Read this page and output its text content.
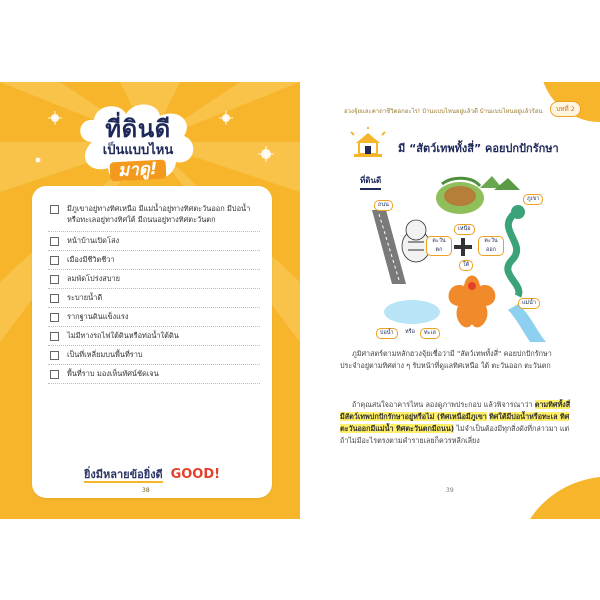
ที่ดินดี
เป็นแบบไหน
มาดู!
มีภูเขาอยู่ทางทิศเหนือ มีแม่น้ำอยู่ทางทิศตะวันออก มีบ่อน้ำหรือทะเลอยู่ทางทิศใต้ มีถนนอยู่ทางทิศตะวันตก
หน้าบ้านเปิดโล่ง
เมืองมีชีวิตชีวา
ลมพัดโปร่งสบาย
ระบายน้ำดี
รากฐานดินแข็งแรง
ไม่มีทางรถไฟใต้ดินหรือท่อน้ำใต้ดิน
เป็นที่เหลี่ยมบนพื้นที่ราบ
พื้นที่ราบ มองเห็นทัศน์ชัดเจน
ยิ่งมีหลายข้อยิ่งดี GOOD!
38
ฮวงจุ้ยและคาถาชีวิตอกอะไร! บ้านแบบไหนอยู่แล้วดี บ้านแบบไหนอยู่แล้วร้อน	บทที่ 2
มี “สัตว์เทพทั้งสี่” คอยปกปักรักษา
ที่ดินดี
ถนน
ภูเขา
เหนือ
ตะวัน ตก
ตะวัน ออก
ใต้
แม่น้ำ
บ่อน้ำ	หรือ	ทะเล
ภูมิศาสตร์ตามหลักฮวงจุ้ยเชื่อว่ามี "สัตว์เทพทั้งสี่" คอยปกปักรักษาประจำอยู่ตามทิศต่าง ๆ รับหน้าที่ดูแลทิศเหนือ ใต้ ตะวันออก ตะวันตก
ถ้าคุณสนใจอาคารไหน ลองดูภาพประกอบ แล้วพิจารณาว่า ตามทิศทั้งสี่มีสัตว์เทพปกปักรักษาอยู่หรือไม่ (ทิศเหนือมีภูเขา ทิศใต้มีบ่อน้ำหรือทะเล ทิศตะวันออกมีแม่น้ำ ทิศตะวันตกมีถนน) ไม่จำเป็นต้องมีทุกสิ่งดังที่กล่าวมา แต่ถ้าไม่มีอะไรตรงตามคำรายเลยก็ควรหลีกเลี่ยง
39
